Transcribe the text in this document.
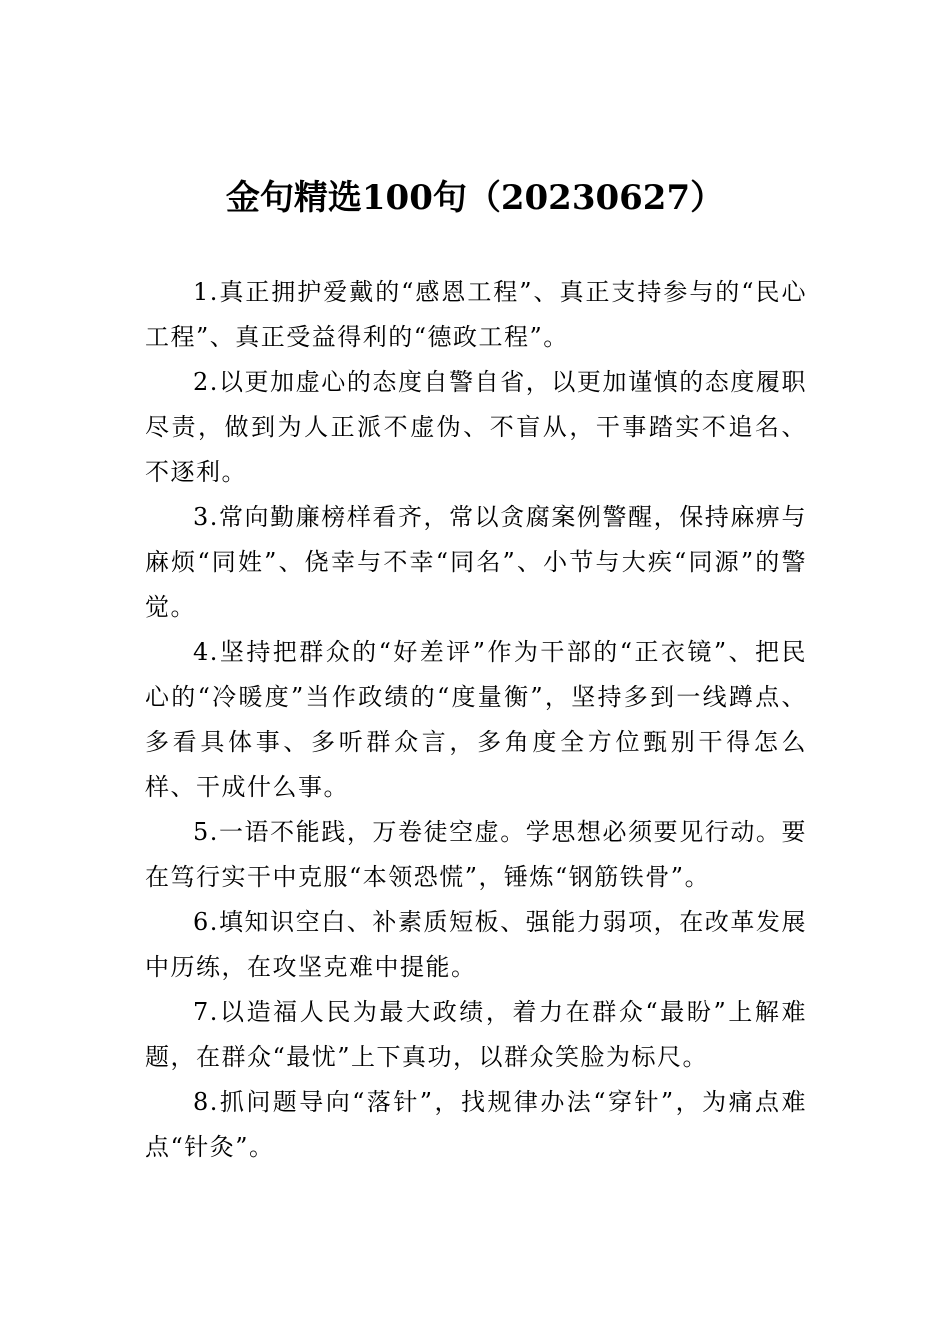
金句精选100句（20230627）

1.真正拥护爱戴的“感恩工程”、真正支持参与的“民心工程”、真正受益得利的“德政工程”。

2.以更加虚心的态度自警自省，以更加谨慎的态度履职尽责，做到为人正派不虚伪、不盲从，干事踏实不追名、不逐利。

3.常向勤廉榜样看齐，常以贪腐案例警醒，保持麻痹与麻烦“同姓”、侥幸与不幸“同名”、小节与大疾“同源”的警觉。

4.坚持把群众的“好差评”作为干部的“正衣镜”、把民心的“冷暖度”当作政绩的“度量衡”，坚持多到一线蹲点、多看具体事、多听群众言，多角度全方位甄别干得怎么样、干成什么事。

5.一语不能践，万卷徒空虚。学思想必须要见行动。要在笃行实干中克服“本领恐慌”，锤炼“钢筋铁骨”。

6.填知识空白、补素质短板、强能力弱项，在改革发展中历练，在攻坚克难中提能。

7.以造福人民为最大政绩，着力在群众“最盼”上解难题，在群众“最忧”上下真功，以群众笑脸为标尺。

8.抓问题导向“落针”，找规律办法“穿针”，为痛点难点“针灸”。
